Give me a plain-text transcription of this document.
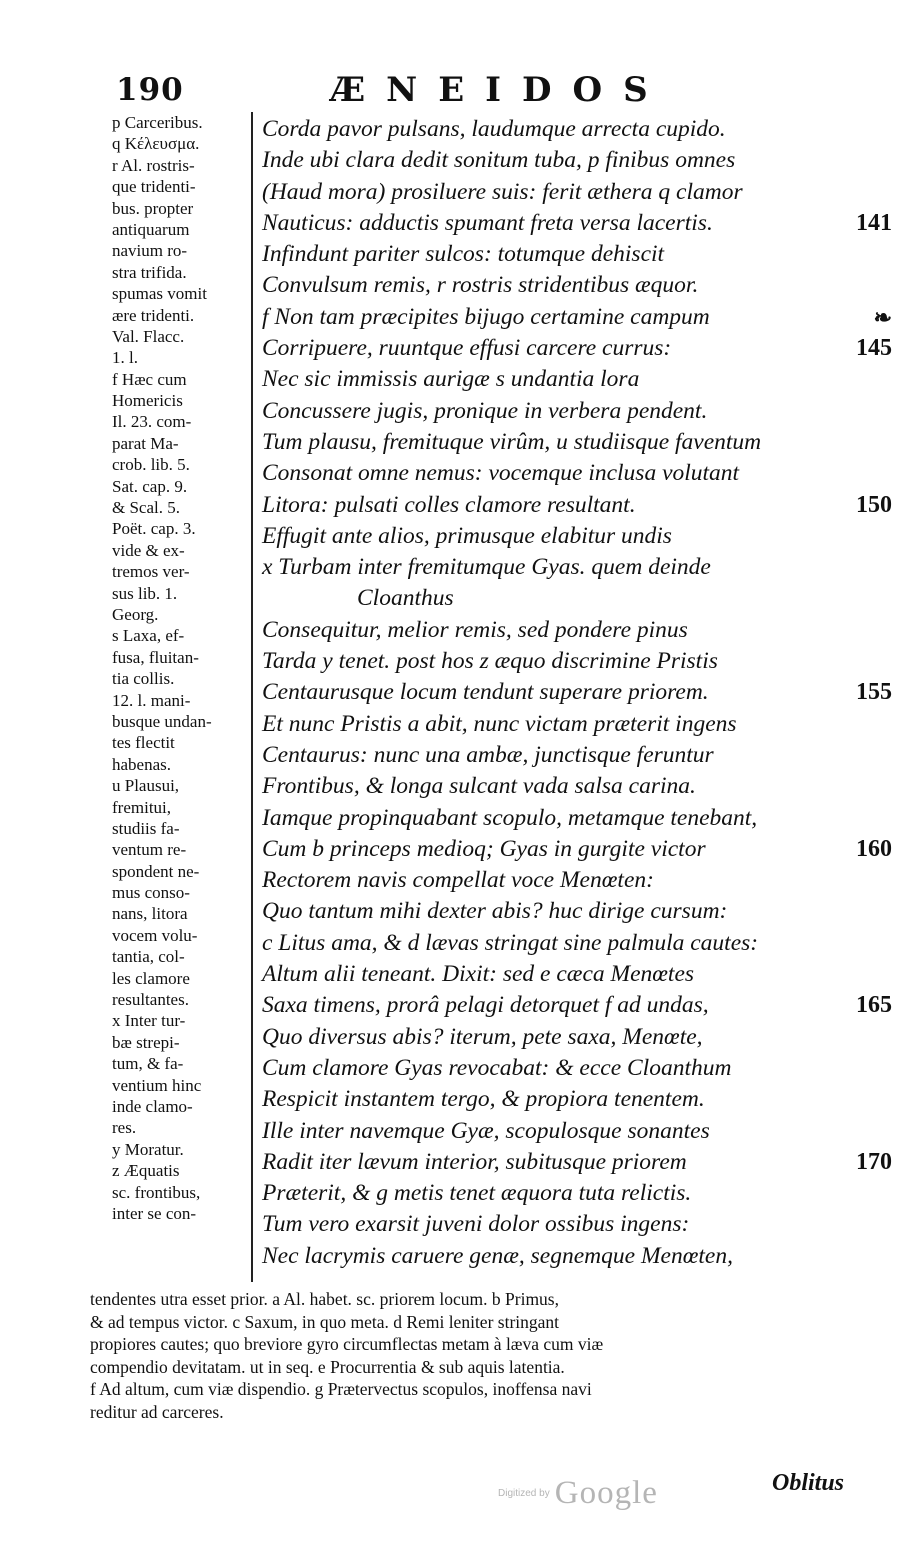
190	ÆNEIDOS
p Carceribus.
q Κέλευσμα.
r Al. rostris-
que tridenti-
bus. propter
antiquarum
navium ro-
stra trifida.
spumas vomit
ære tridenti.
Val. Flacc.
1. l.
f Hæc cum
Homericis
Il. 23. com-
parat Ma-
crob. lib. 5.
Sat. cap. 9.
& Scal. 5.
Poët. cap. 3.
vide & ex-
tremos ver-
sus lib. 1.
Georg.
s Laxa, ef-
fusa, fluitan-
tia collis.
12. l. mani-
busque undan-
tes flectit
habenas.
u Plausui,
fremitui,
studiis fa-
ventum re-
spondent ne-
mus conso-
nans, litora
vocem volu-
tantia, col-
les clamore
resultantes.
x Inter tur-
bæ strepi-
tum, & fa-
ventium hinc
inde clamo-
res.
y Moratur.
z Æquatis
sc. frontibus,
inter se con-
Corda pavor pulsans, laudumque arrecta cupido.
Inde ubi clara dedit sonitum tuba, p finibus omnes
(Haud mora) prosiluere suis: ferit æthera q clamor
Nauticus: adductis spumant freta versa lacertis.	141
Infindunt pariter sulcos: totumque dehiscit
Convulsum remis, r rostris stridentibus æquor.
f Non tam præcipites bijugo certamine campum	❧
Corripuere, ruuntque effusi carcere currus:	145
Nec sic immissis aurigæ s undantia lora
Concussere jugis, pronique in verbera pendent.
Tum plausu, fremituque virûm, u studiisque faventum
Consonat omne nemus: vocemque inclusa volutant
Litora: pulsati colles clamore resultant.	150
Effugit ante alios, primusque elabitur undis
x Turbam inter fremitumque Gyas. quem deinde
Cloanthus
Consequitur, melior remis, sed pondere pinus
Tarda y tenet. post hos z æquo discrimine Pristis
Centaurusque locum tendunt superare priorem.	155
Et nunc Pristis a abit, nunc victam præterit ingens
Centaurus: nunc una ambæ, junctisque feruntur
Frontibus, & longa sulcant vada salsa carina.
Iamque propinquabant scopulo, metamque tenebant,
Cum b princeps medioq; Gyas in gurgite victor	160
Rectorem navis compellat voce Menœten:
Quo tantum mihi dexter abis? huc dirige cursum:
c Litus ama, & d lævas stringat sine palmula cautes:
Altum alii teneant. Dixit: sed e cæca Menœtes
Saxa timens, prorâ pelagi detorquet f ad undas,	165
Quo diversus abis? iterum, pete saxa, Menœte,
Cum clamore Gyas revocabat: & ecce Cloanthum
Respicit instantem tergo, & propiora tenentem.
Ille inter navemque Gyæ, scopulosque sonantes
Radit iter lævum interior, subitusque priorem	170
Præterit, & g metis tenet æquora tuta relictis.
Tum vero exarsit juveni dolor ossibus ingens:
Nec lacrymis caruere genæ, segnemque Menœten,
tendentes utra esset prior. a Al. habet. sc. priorem locum. b Primus,
& ad tempus victor. c Saxum, in quo meta. d Remi leniter stringant
propiores cautes; quo breviore gyro circumflectas metam à læva cum viæ
compendio devitatam. ut in seq. e Procurrentia & sub aquis latentia.
f Ad altum, cum viæ dispendio. g Prætervectus scopulos, inoffensa navi
reditur ad carceres.
Digitized by Google	Oblitus
